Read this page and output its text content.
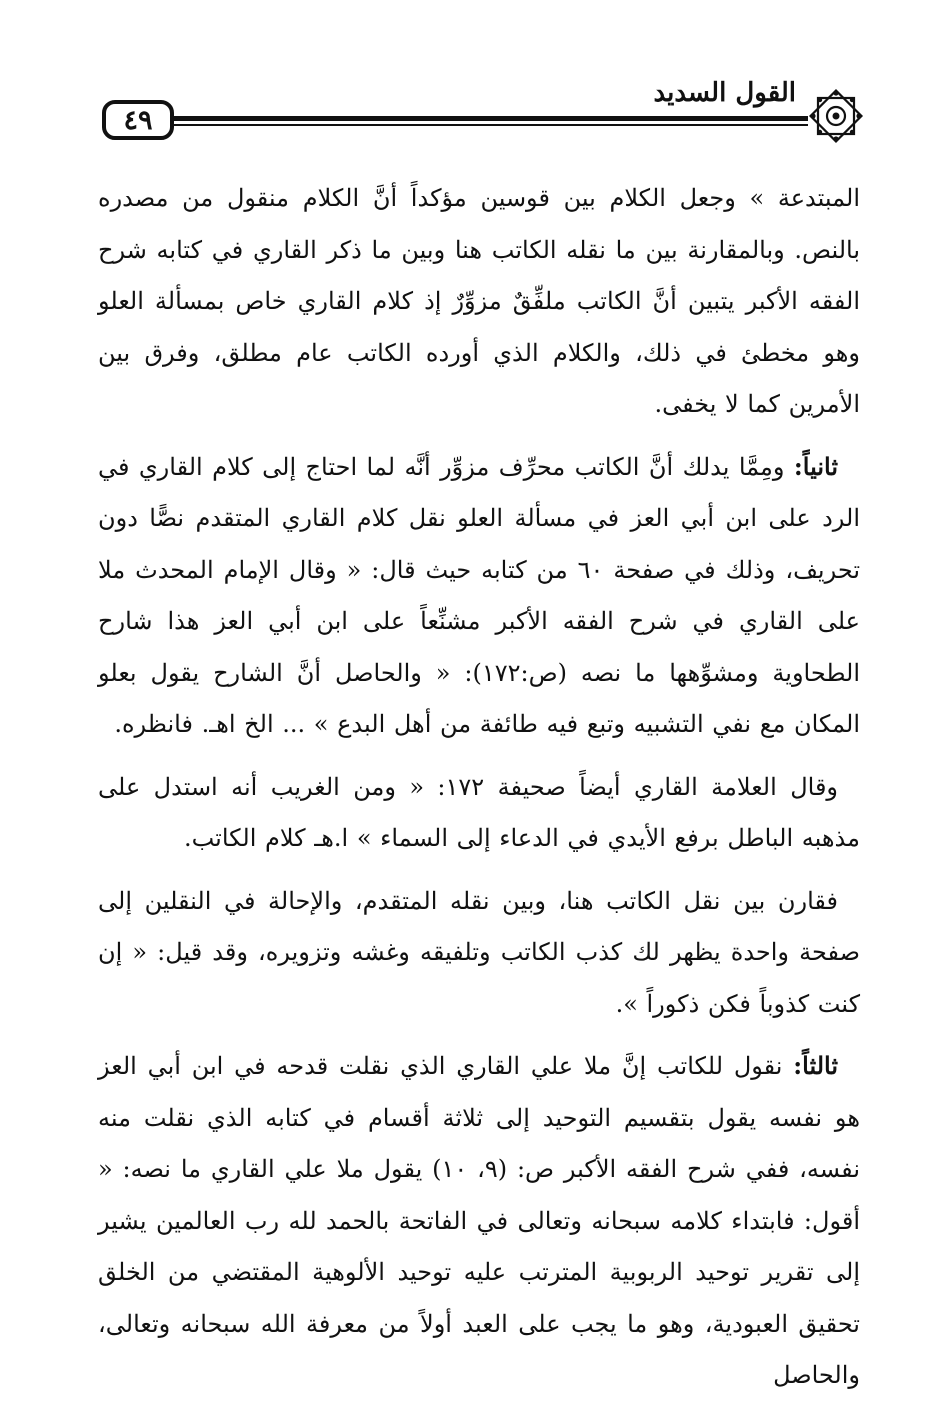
٤٩
القول السديد

المبتدعة » وجعل الكلام بين قوسين مؤكداً أنَّ الكلام منقول من مصدره بالنص. وبالمقارنة بين ما نقله الكاتب هنا وبين ما ذكر القاري في كتابه شرح الفقه الأكبر يتبين أنَّ الكاتب ملفِّقٌ مزوِّرٌ إذ كلام القاري خاص بمسألة العلو وهو مخطئ في ذلك، والكلام الذي أورده الكاتب عام مطلق، وفرق بين الأمرين كما لا يخفى.

ثانياً: ومِمَّا يدلك أنَّ الكاتب محرِّف مزوِّر أنَّه لما احتاج إلى كلام القاري في الرد على ابن أبي العز في مسألة العلو نقل كلام القاري المتقدم نصًّا دون تحريف، وذلك في صفحة ٦٠ من كتابه حيث قال: « وقال الإمام المحدث ملا على القاري في شرح الفقه الأكبر مشنِّعاً على ابن أبي العز هذا شارح الطحاوية ومشوِّهها ما نصه (ص:١٧٢): « والحاصل أنَّ الشارح يقول بعلو المكان مع نفي التشبيه وتبع فيه طائفة من أهل البدع » ... الخ اهـ. فانظره.

وقال العلامة القاري أيضاً صحيفة ١٧٢: « ومن الغريب أنه استدل على مذهبه الباطل برفع الأيدي في الدعاء إلى السماء » ا.هـ كلام الكاتب.

فقارن بين نقل الكاتب هنا، وبين نقله المتقدم، والإحالة في النقلين إلى صفحة واحدة يظهر لك كذب الكاتب وتلفيقه وغشه وتزويره، وقد قيل: « إن كنت كذوباً فكن ذكوراً ».

ثالثاً: نقول للكاتب إنَّ ملا علي القاري الذي نقلت قدحه في ابن أبي العز هو نفسه يقول بتقسيم التوحيد إلى ثلاثة أقسام في كتابه الذي نقلت منه نفسه، ففي شرح الفقه الأكبر ص: (٩، ١٠) يقول ملا علي القاري ما نصه: « أقول: فابتداء كلامه سبحانه وتعالى في الفاتحة بالحمد لله رب العالمين يشير إلى تقرير توحيد الربوبية المترتب عليه توحيد الألوهية المقتضي من الخلق تحقيق العبودية، وهو ما يجب على العبد أولاً من معرفة الله سبحانه وتعالى، والحاصل
